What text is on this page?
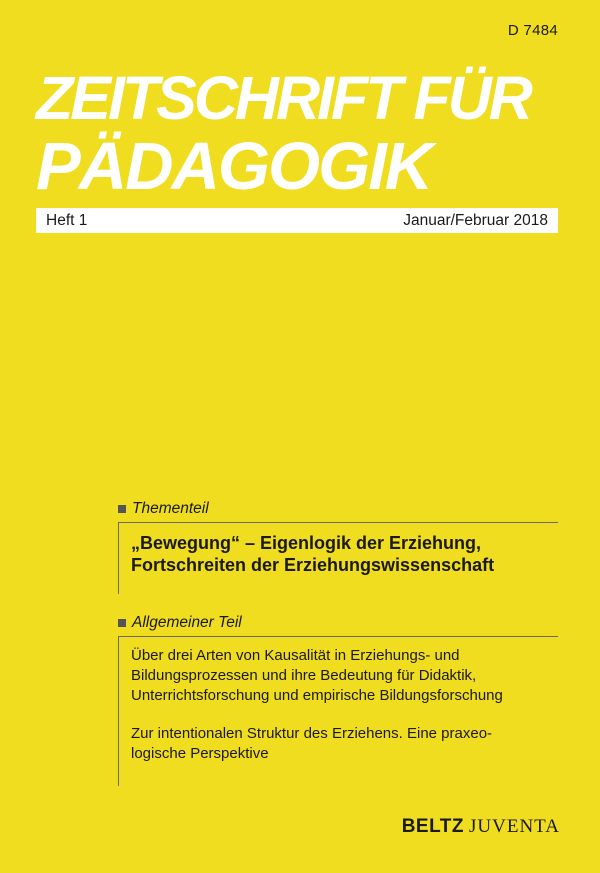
D 7484
ZEITSCHRIFT FÜR
PÄDAGOGIK
Heft 1	Januar/Februar 2018
Thementeil
„Bewegung“ – Eigenlogik der Erziehung,
Fortschreiten der Erziehungswissenschaft
Allgemeiner Teil
Über drei Arten von Kausalität in Erziehungs- und
Bildungsprozessen und ihre Bedeutung für Didaktik,
Unterrichtsforschung und empirische Bildungsforschung
Zur intentionalen Struktur des Erziehens. Eine praxeo-
logische Perspektive
BELTZ JUVENTA
